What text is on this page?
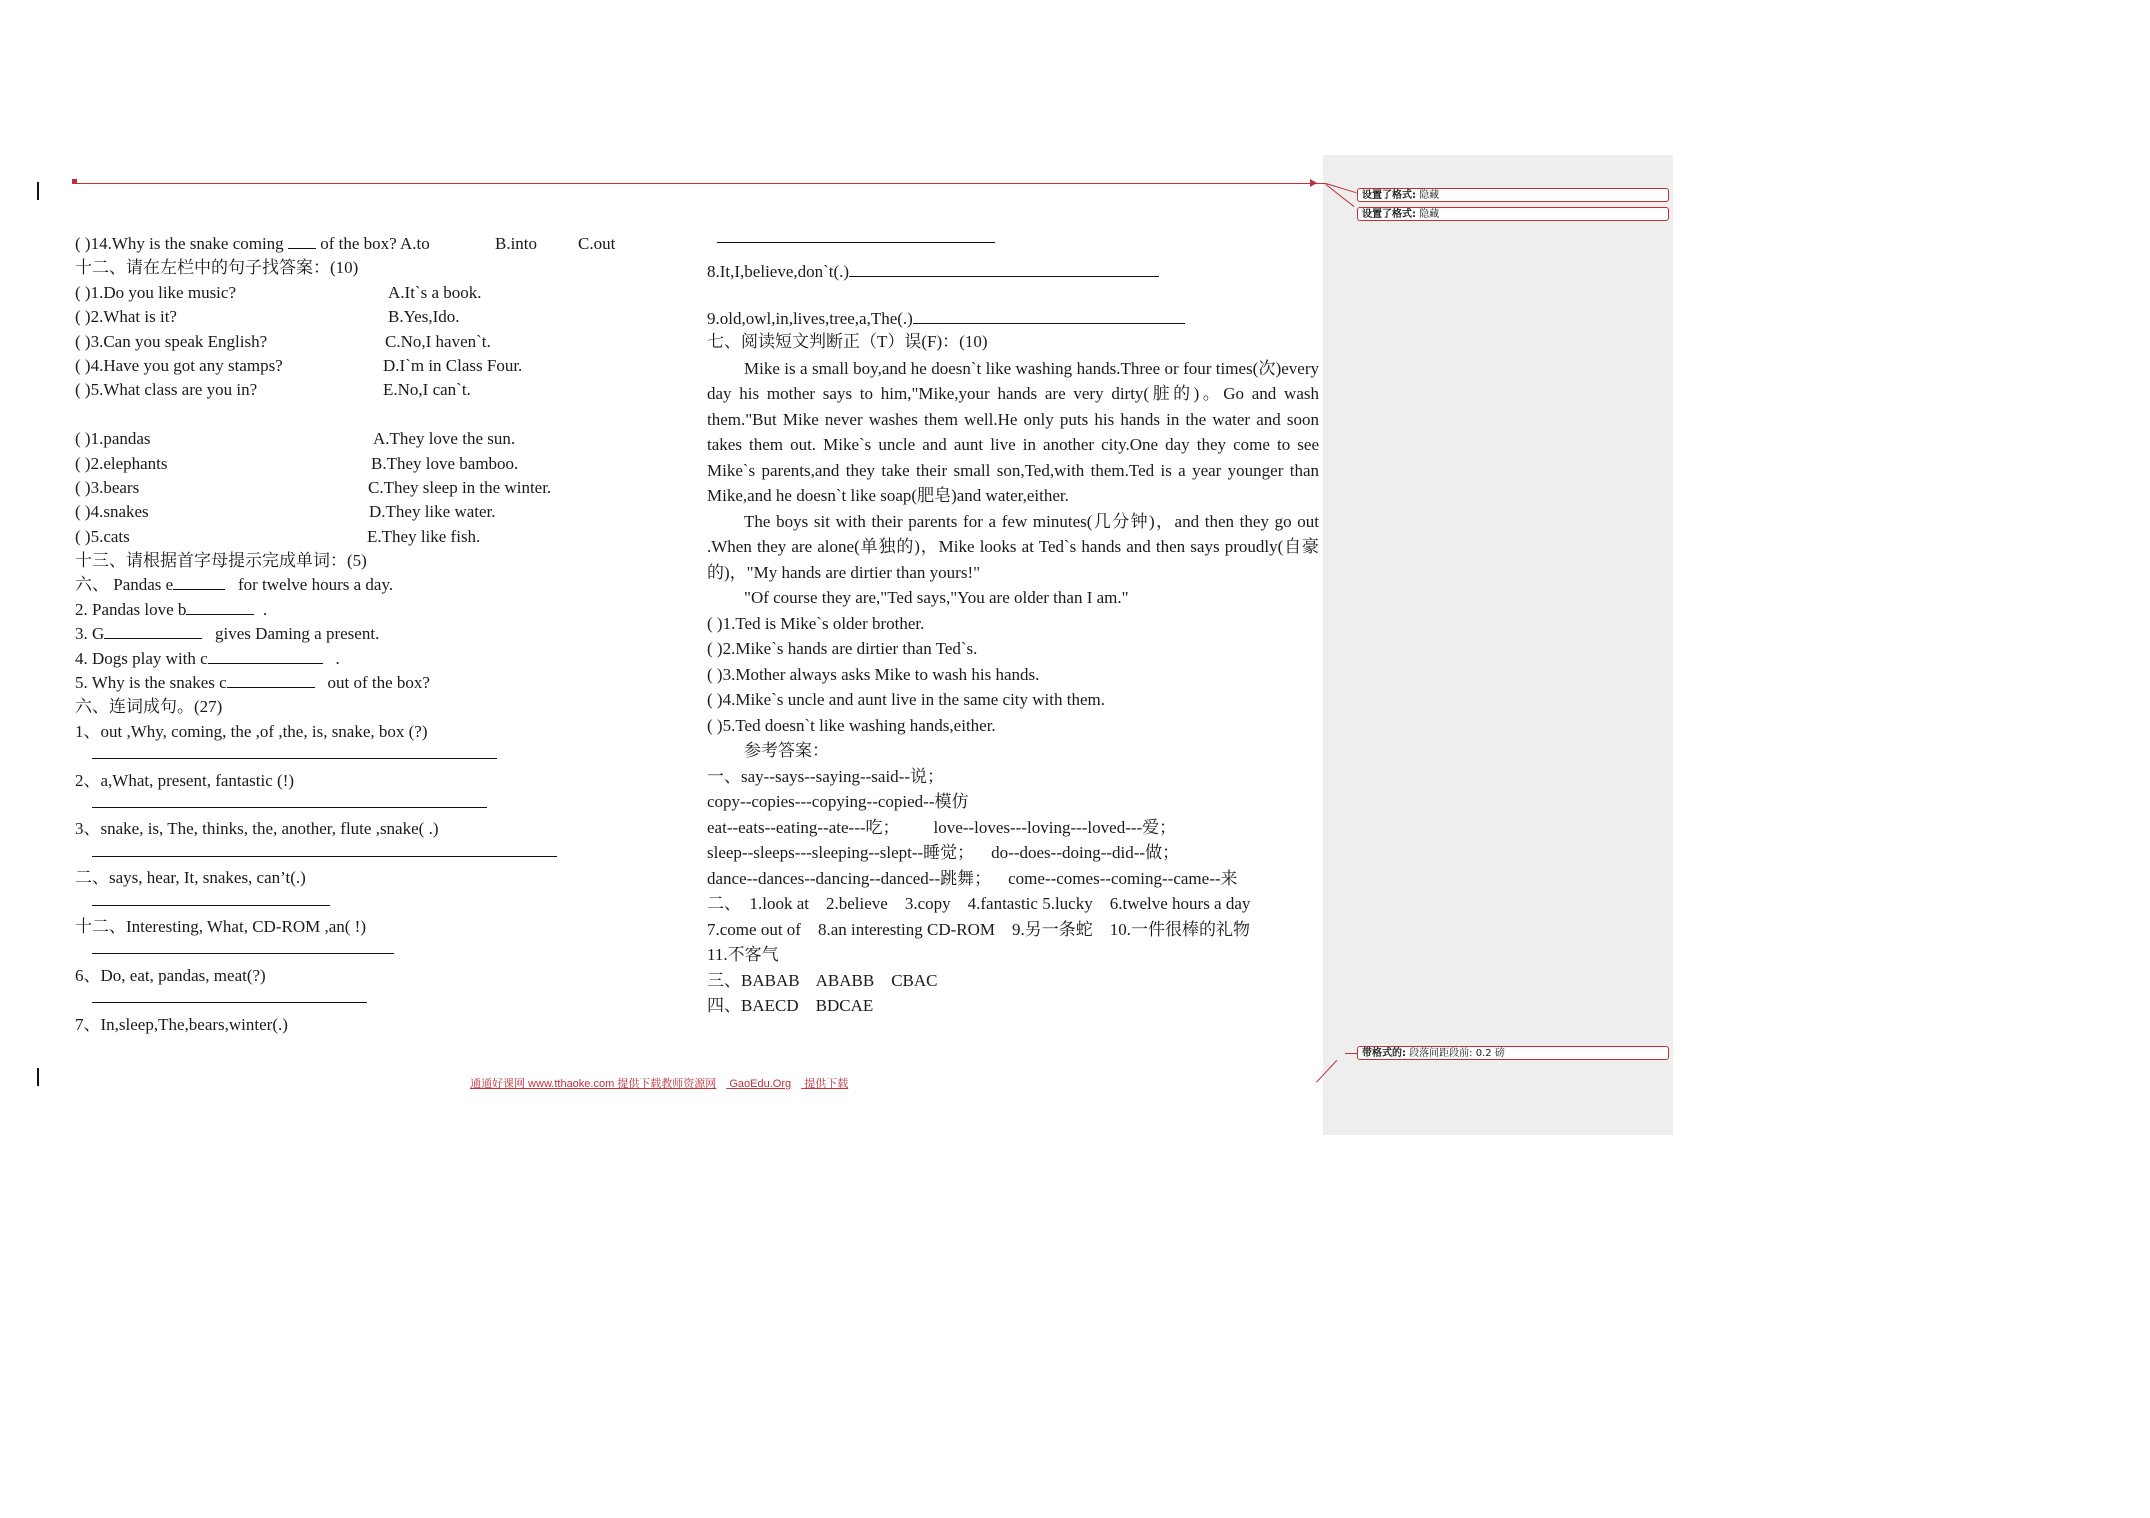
( )14.Why is the snake coming of the box? A.to	B.into C.out
十二、请在左栏中的句子找答案：(10)
( )1.Do you like music?	A.It`s a book.
( )2.What is it?	B.Yes,Ido.
( )3.Can you speak English?	C.No,I haven`t.
( )4.Have you got any stamps?	D.I`m in Class Four.
( )5.What class are you in?	E.No,I can`t.
( )1.pandas	A.They love the sun.
( )2.elephants	B.They love bamboo.
( )3.bears	C.They sleep in the winter.
( )4.snakes	D.They like water.
( )5.cats	E.They like fish.
十三、请根据首字母提示完成单词：(5)
六、 Pandas e	for twelve hours a day.
2. Pandas love b	.
3. G	gives Daming a present.
4. Dogs play with c	.
5. Why is the snakes c	out of the box?
六、连词成句。(27)
1、out ,Why, coming, the ,of ,the, is, snake, box (?)
2、a,What, present, fantastic (!)
3、snake, is, The, thinks, the, another, flute ,snake( .)
二、says, hear, It, snakes, can’t(.)
十二、Interesting, What, CD-ROM ,an( !)
6、Do, eat, pandas, meat(?)
7、In,sleep,The,bears,winter(.)
8.It,I,believe,don`t(.)
9.old,owl,in,lives,tree,a,The(.)
七、阅读短文判断正（T）误(F)：(10)

Mike is a small boy,and he doesn`t like washing hands.Three or four times(次)every day his mother says to him,"Mike,your hands are very dirty(脏的)。Go and wash them."But Mike never washes them well.He only puts his hands in the water and soon takes them out. Mike`s uncle and aunt live in another city.One day they come to see Mike`s parents,and they take their small son,Ted,with them.Ted is a year younger than Mike,and he doesn`t like soap(肥皂)and water,either.

The boys sit with their parents for a few minutes(几分钟)，and then they go out .When they are alone(单独的)，Mike looks at Ted`s hands and then says proudly(自豪的)，"My hands are dirtier than yours!"

"Of course they are,"Ted says,"You are older than I am."

( )1.Ted is Mike`s older brother.
( )2.Mike`s hands are dirtier than Ted`s.
( )3.Mother always asks Mike to wash his hands.
( )4.Mike`s uncle and aunt live in the same city with them.
( )5.Ted doesn`t like washing hands,either.
参考答案：
一、say--says--saying--said--说；
copy--copies---copying--copied--模仿
eat--eats--eating--ate---吃；        love--loves---loving---loved---爱；
sleep--sleeps---sleeping--slept--睡觉；    do--does--doing--did--做；
dance--dances--dancing--danced--跳舞；    come--comes--coming--came--来
二、  1.look at    2.believe    3.copy    4.fantastic 5.lucky    6.twelve hours a day
7.come out of    8.an interesting CD-ROM    9.另一条蛇    10.一件很棒的礼物
11.不客气
三、BABAB    ABABB    CBAC
四、BAECD    BDCAE
通通好课网 www.tthaoke.com 提供下载教师资源网 GaoEdu.Org 提供下载
设置了格式: 隐藏
设置了格式: 隐藏
带格式的: 段落间距段前: 0.2 磅
